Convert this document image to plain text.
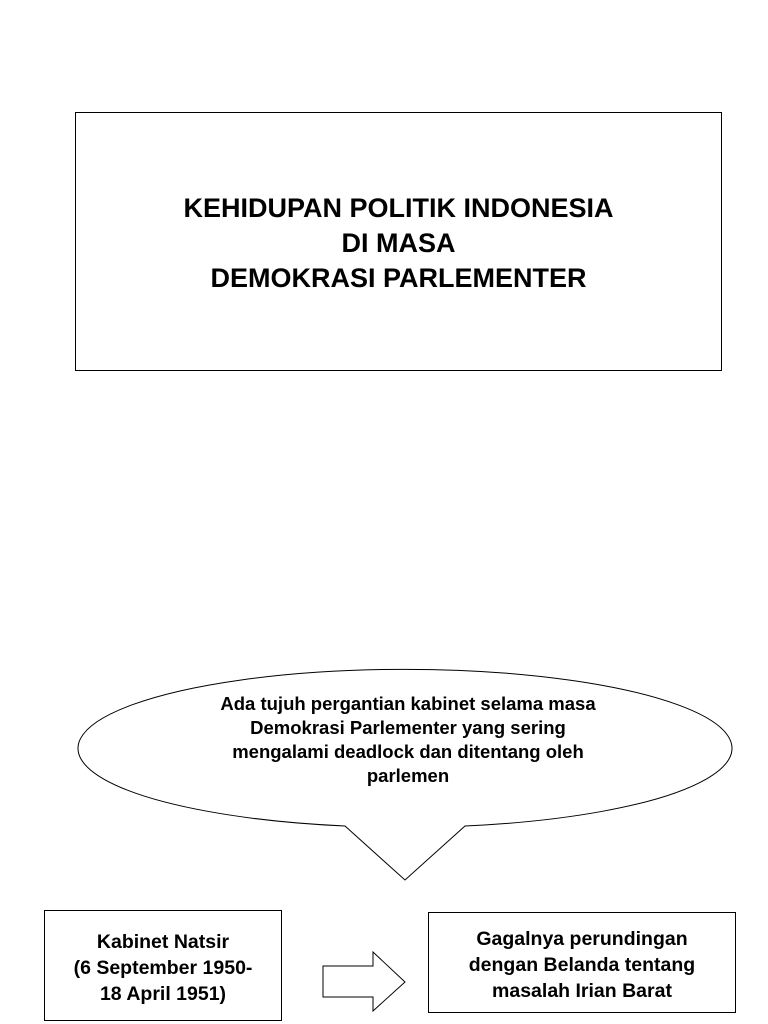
KEHIDUPAN POLITIK INDONESIA
DI MASA
DEMOKRASI PARLEMENTER
Ada tujuh pergantian kabinet selama masa
Demokrasi Parlementer yang sering
mengalami deadlock dan ditentang oleh
parlemen
Kabinet Natsir
(6 September 1950-
18 April 1951)
Gagalnya perundingan
dengan Belanda tentang
masalah Irian Barat
